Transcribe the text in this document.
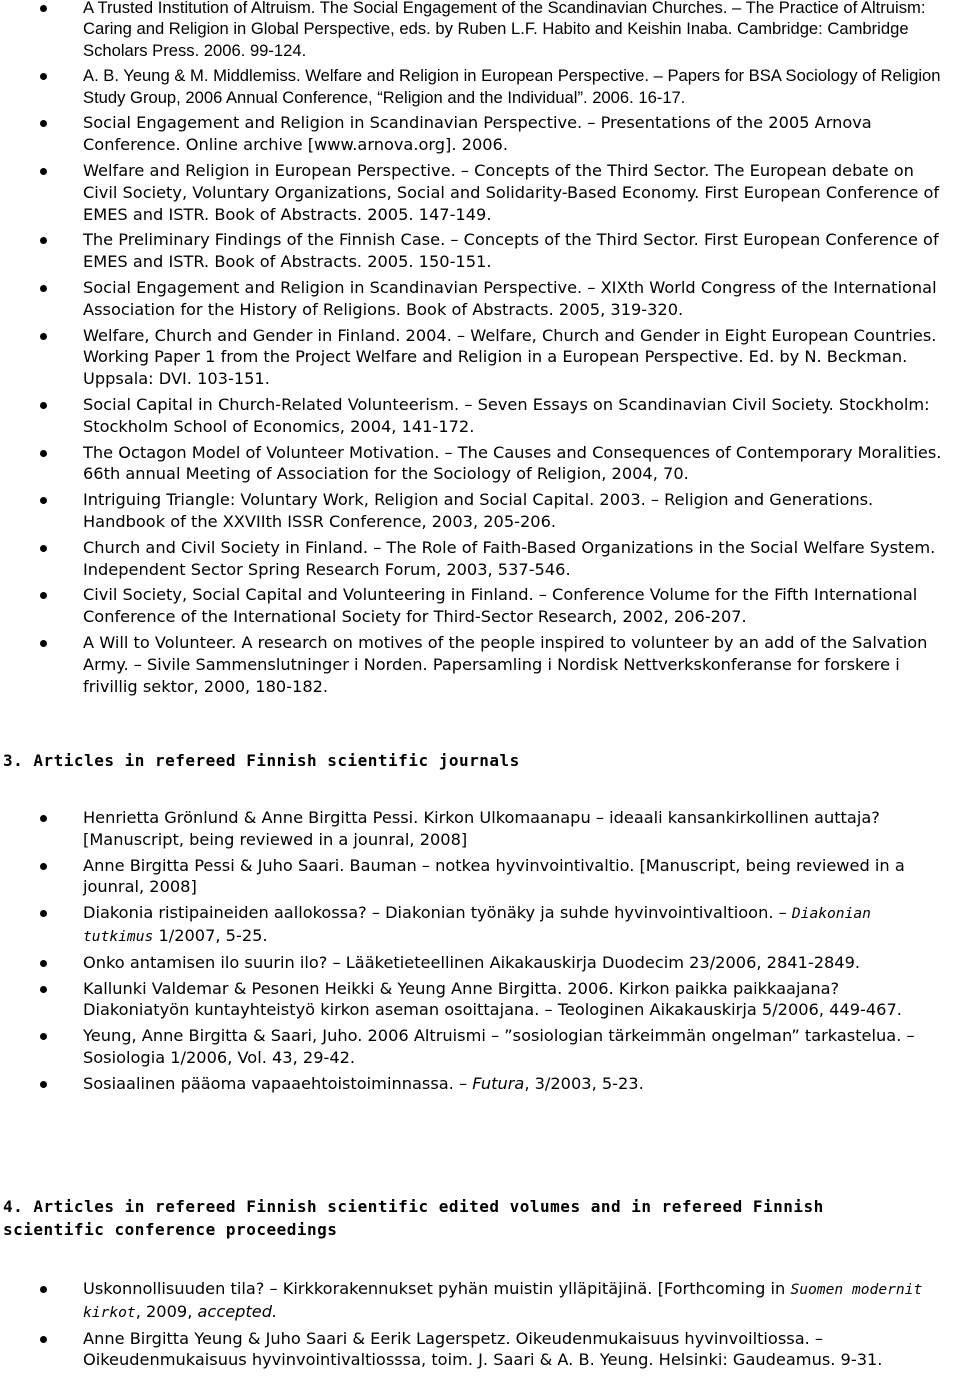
A Trusted Institution of Altruism. The Social Engagement of the Scandinavian Churches. – The Practice of Altruism: Caring and Religion in Global Perspective, eds. by Ruben L.F. Habito and Keishin Inaba. Cambridge: Cambridge Scholars Press. 2006. 99-124.
A. B. Yeung & M. Middlemiss. Welfare and Religion in European Perspective. – Papers for BSA Sociology of Religion Study Group, 2006 Annual Conference, “Religion and the Individual”. 2006. 16-17.
Social Engagement and Religion in Scandinavian Perspective. – Presentations of the 2005 Arnova Conference. Online archive [www.arnova.org]. 2006.
Welfare and Religion in European Perspective. – Concepts of the Third Sector. The European debate on Civil Society, Voluntary Organizations, Social and Solidarity-Based Economy. First European Conference of EMES and ISTR. Book of Abstracts. 2005. 147-149.
The Preliminary Findings of the Finnish Case. – Concepts of the Third Sector. First European Conference of EMES and ISTR. Book of Abstracts. 2005. 150-151.
Social Engagement and Religion in Scandinavian Perspective. – XIXth World Congress of the International Association for the History of Religions. Book of Abstracts. 2005, 319-320.
Welfare, Church and Gender in Finland. 2004. – Welfare, Church and Gender in Eight European Countries. Working Paper 1 from the Project Welfare and Religion in a European Perspective. Ed. by N. Beckman. Uppsala: DVI. 103-151.
Social Capital in Church-Related Volunteerism. – Seven Essays on Scandinavian Civil Society. Stockholm: Stockholm School of Economics, 2004, 141-172.
The Octagon Model of Volunteer Motivation. – The Causes and Consequences of Contemporary Moralities. 66th annual Meeting of Association for the Sociology of Religion, 2004, 70.
Intriguing Triangle: Voluntary Work, Religion and Social Capital. 2003. – Religion and Generations. Handbook of the XXVIIth ISSR Conference, 2003, 205-206.
Church and Civil Society in Finland. – The Role of Faith-Based Organizations in the Social Welfare System. Independent Sector Spring Research Forum, 2003, 537-546.
Civil Society, Social Capital and Volunteering in Finland. – Conference Volume for the Fifth International Conference of the International Society for Third-Sector Research, 2002, 206-207.
A Will to Volunteer. A research on motives of the people inspired to volunteer by an add of the Salvation Army. – Sivile Sammenslutninger i Norden. Papersamling i Nordisk Nettverkskonferanse for forskere i frivillig sektor, 2000, 180-182.
3. Articles in refereed Finnish scientific journals
Henrietta Grönlund & Anne Birgitta Pessi. Kirkon Ulkomaanapu – ideaali kansankirkollinen auttaja? [Manuscript, being reviewed in a jounral, 2008]
Anne Birgitta Pessi & Juho Saari. Bauman – notkea hyvinvointivaltio. [Manuscript, being reviewed in a jounral, 2008]
Diakonia ristipaineiden aallokossa? – Diakonian työnäky ja suhde hyvinvointivaltioon. – Diakonian tutkimus 1/2007, 5-25.
Onko antamisen ilo suurin ilo? – Lääketieteellinen Aikakauskirja Duodecim 23/2006, 2841-2849.
Kallunki Valdemar & Pesonen Heikki & Yeung Anne Birgitta. 2006. Kirkon paikka paikkaajana? Diakoniatyön kuntayhteistyö kirkon aseman osoittajana. – Teologinen Aikakauskirja 5/2006, 449-467.
Yeung, Anne Birgitta & Saari, Juho. 2006 Altruismi – ”sosiologian tärkeimmän ongelman” tarkastelua. – Sosiologia 1/2006, Vol. 43, 29-42.
Sosiaalinen pääoma vapaaehtoistoiminnassa. – Futura, 3/2003, 5-23.
4. Articles in refereed Finnish scientific edited volumes and in refereed Finnish scientific conference proceedings
Uskonnollisuuden tila? – Kirkkorakennukset pyhän muistin ylläpitäjinä. [Forthcoming in Suomen modernit kirkot, 2009, accepted.
Anne Birgitta Yeung & Juho Saari & Eerik Lagerspetz. Oikeudenmukaisuus hyvinvoiltiossa. – Oikeudenmukaisuus hyvinvointivaltiosssa, toim. J. Saari & A. B. Yeung. Helsinki: Gaudeamus. 9-31.
